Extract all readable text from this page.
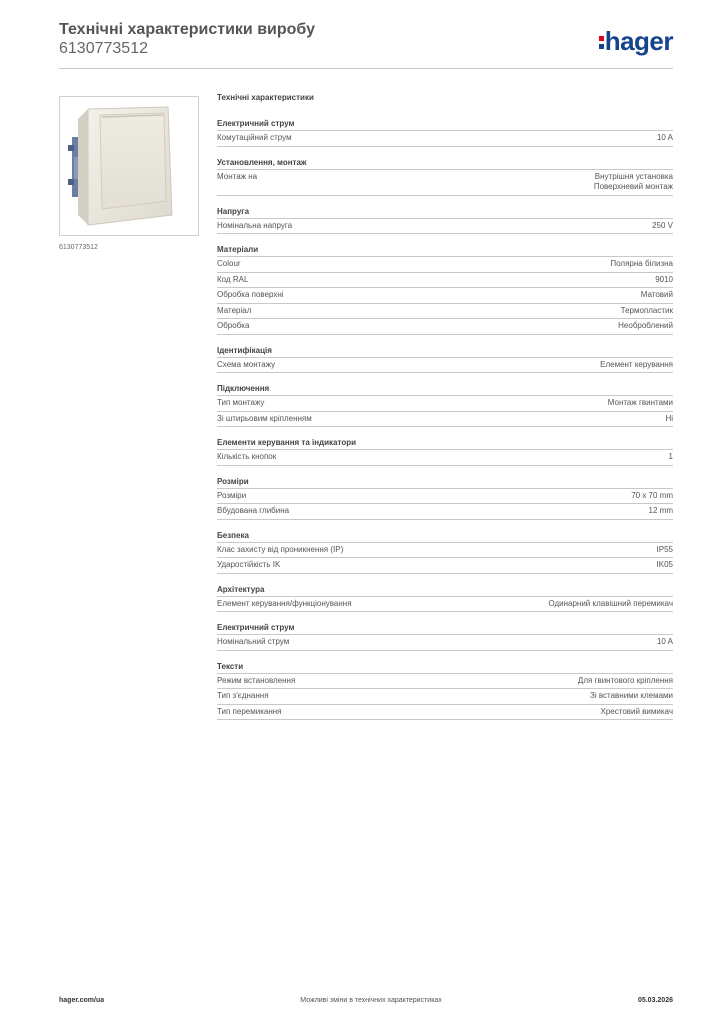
Технічні характеристики виробу
6130773512	hager
6130773512
Технічні характеристики
Електричний струм
Комутаційний струм	10 A
Установлення, монтаж
Монтаж на	Внутрішня установка
Поверхневий монтаж
Напруга
Номінальна напруга	250 V
Матеріали
Colour	Полярна білизна
Код RAL	9010
Обробка поверхні	Матовий
Матеріал	Термопластик
Обробка	Необроблений
Ідентифікація
Схема монтажу	Елемент керування
Підключення
Тип монтажу	Монтаж гвинтами
Зі штирьовим кріпленням	Ні
Елементи керування та індикатори
Кількість кнопок	1
Розміри
Розміри	70 x 70 mm
Вбудована глибина	12 mm
Безпека
Клас захисту від проникнення (IP)	IP55
Ударостійкість IK	IK05
Архітектура
Елемент керування/функціонування	Одинарний клавішний перемикач
Електричний струм
Номінальний струм	10 A
Тексти
Режим встановлення	Для гвинтового кріплення
Тип з'єднання	Зі вставними клемами
Тип перемикання	Хрестовий вимикач
hager.com/ua	Можливі зміни в технічних характеристиках	05.03.2026
